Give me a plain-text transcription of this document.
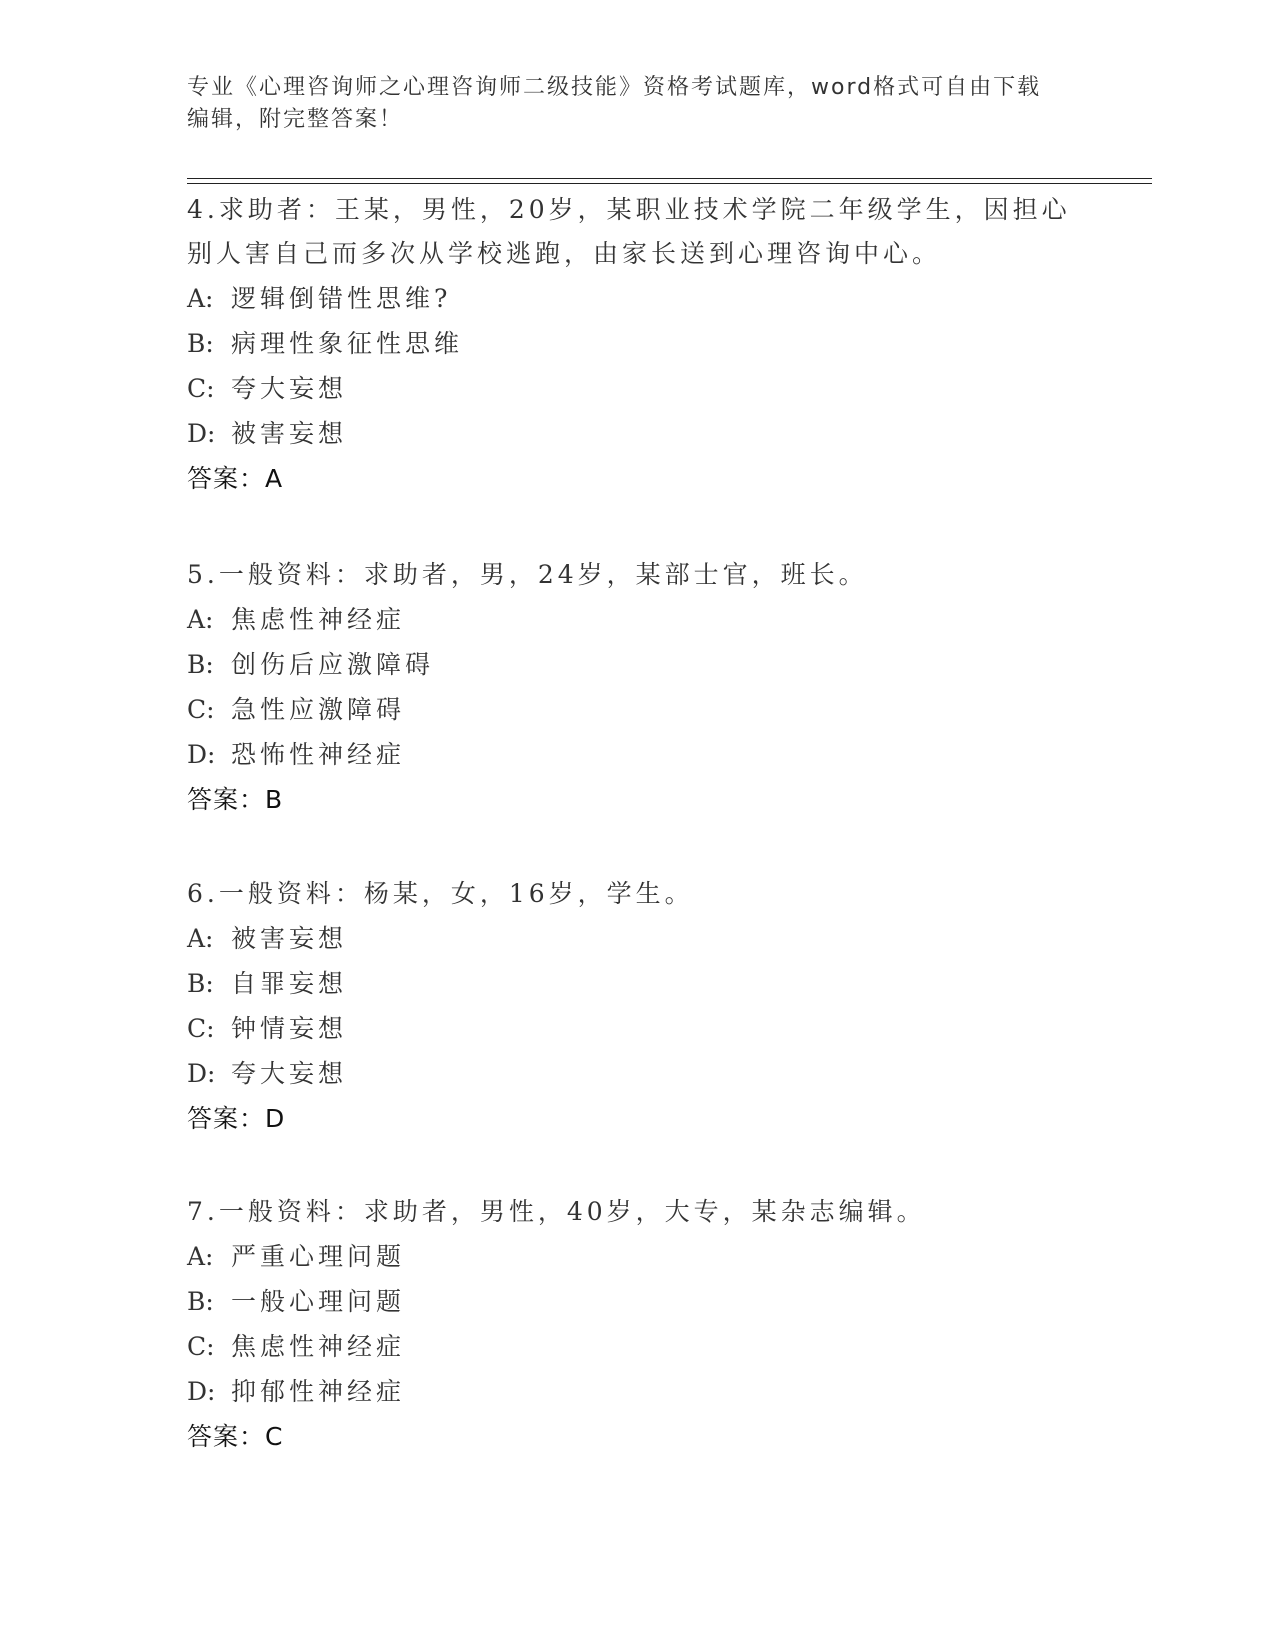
专业《心理咨询师之心理咨询师二级技能》资格考试题库，word格式可自由下载
编辑，附完整答案！
4.求助者：王某，男性，20岁，某职业技术学院二年级学生，因担心
别人害自己而多次从学校逃跑，由家长送到心理咨询中心。
A: 逻辑倒错性思维?
B: 病理性象征性思维
C: 夸大妄想
D: 被害妄想
答案：A
5.一般资料：求助者，男，24岁，某部士官，班长。
A: 焦虑性神经症
B: 创伤后应激障碍
C: 急性应激障碍
D: 恐怖性神经症
答案：B
6.一般资料：杨某，女，16岁，学生。
A: 被害妄想
B: 自罪妄想
C: 钟情妄想
D: 夸大妄想
答案：D
7.一般资料：求助者，男性，40岁，大专，某杂志编辑。
A: 严重心理问题
B: 一般心理问题
C: 焦虑性神经症
D: 抑郁性神经症
答案：C
